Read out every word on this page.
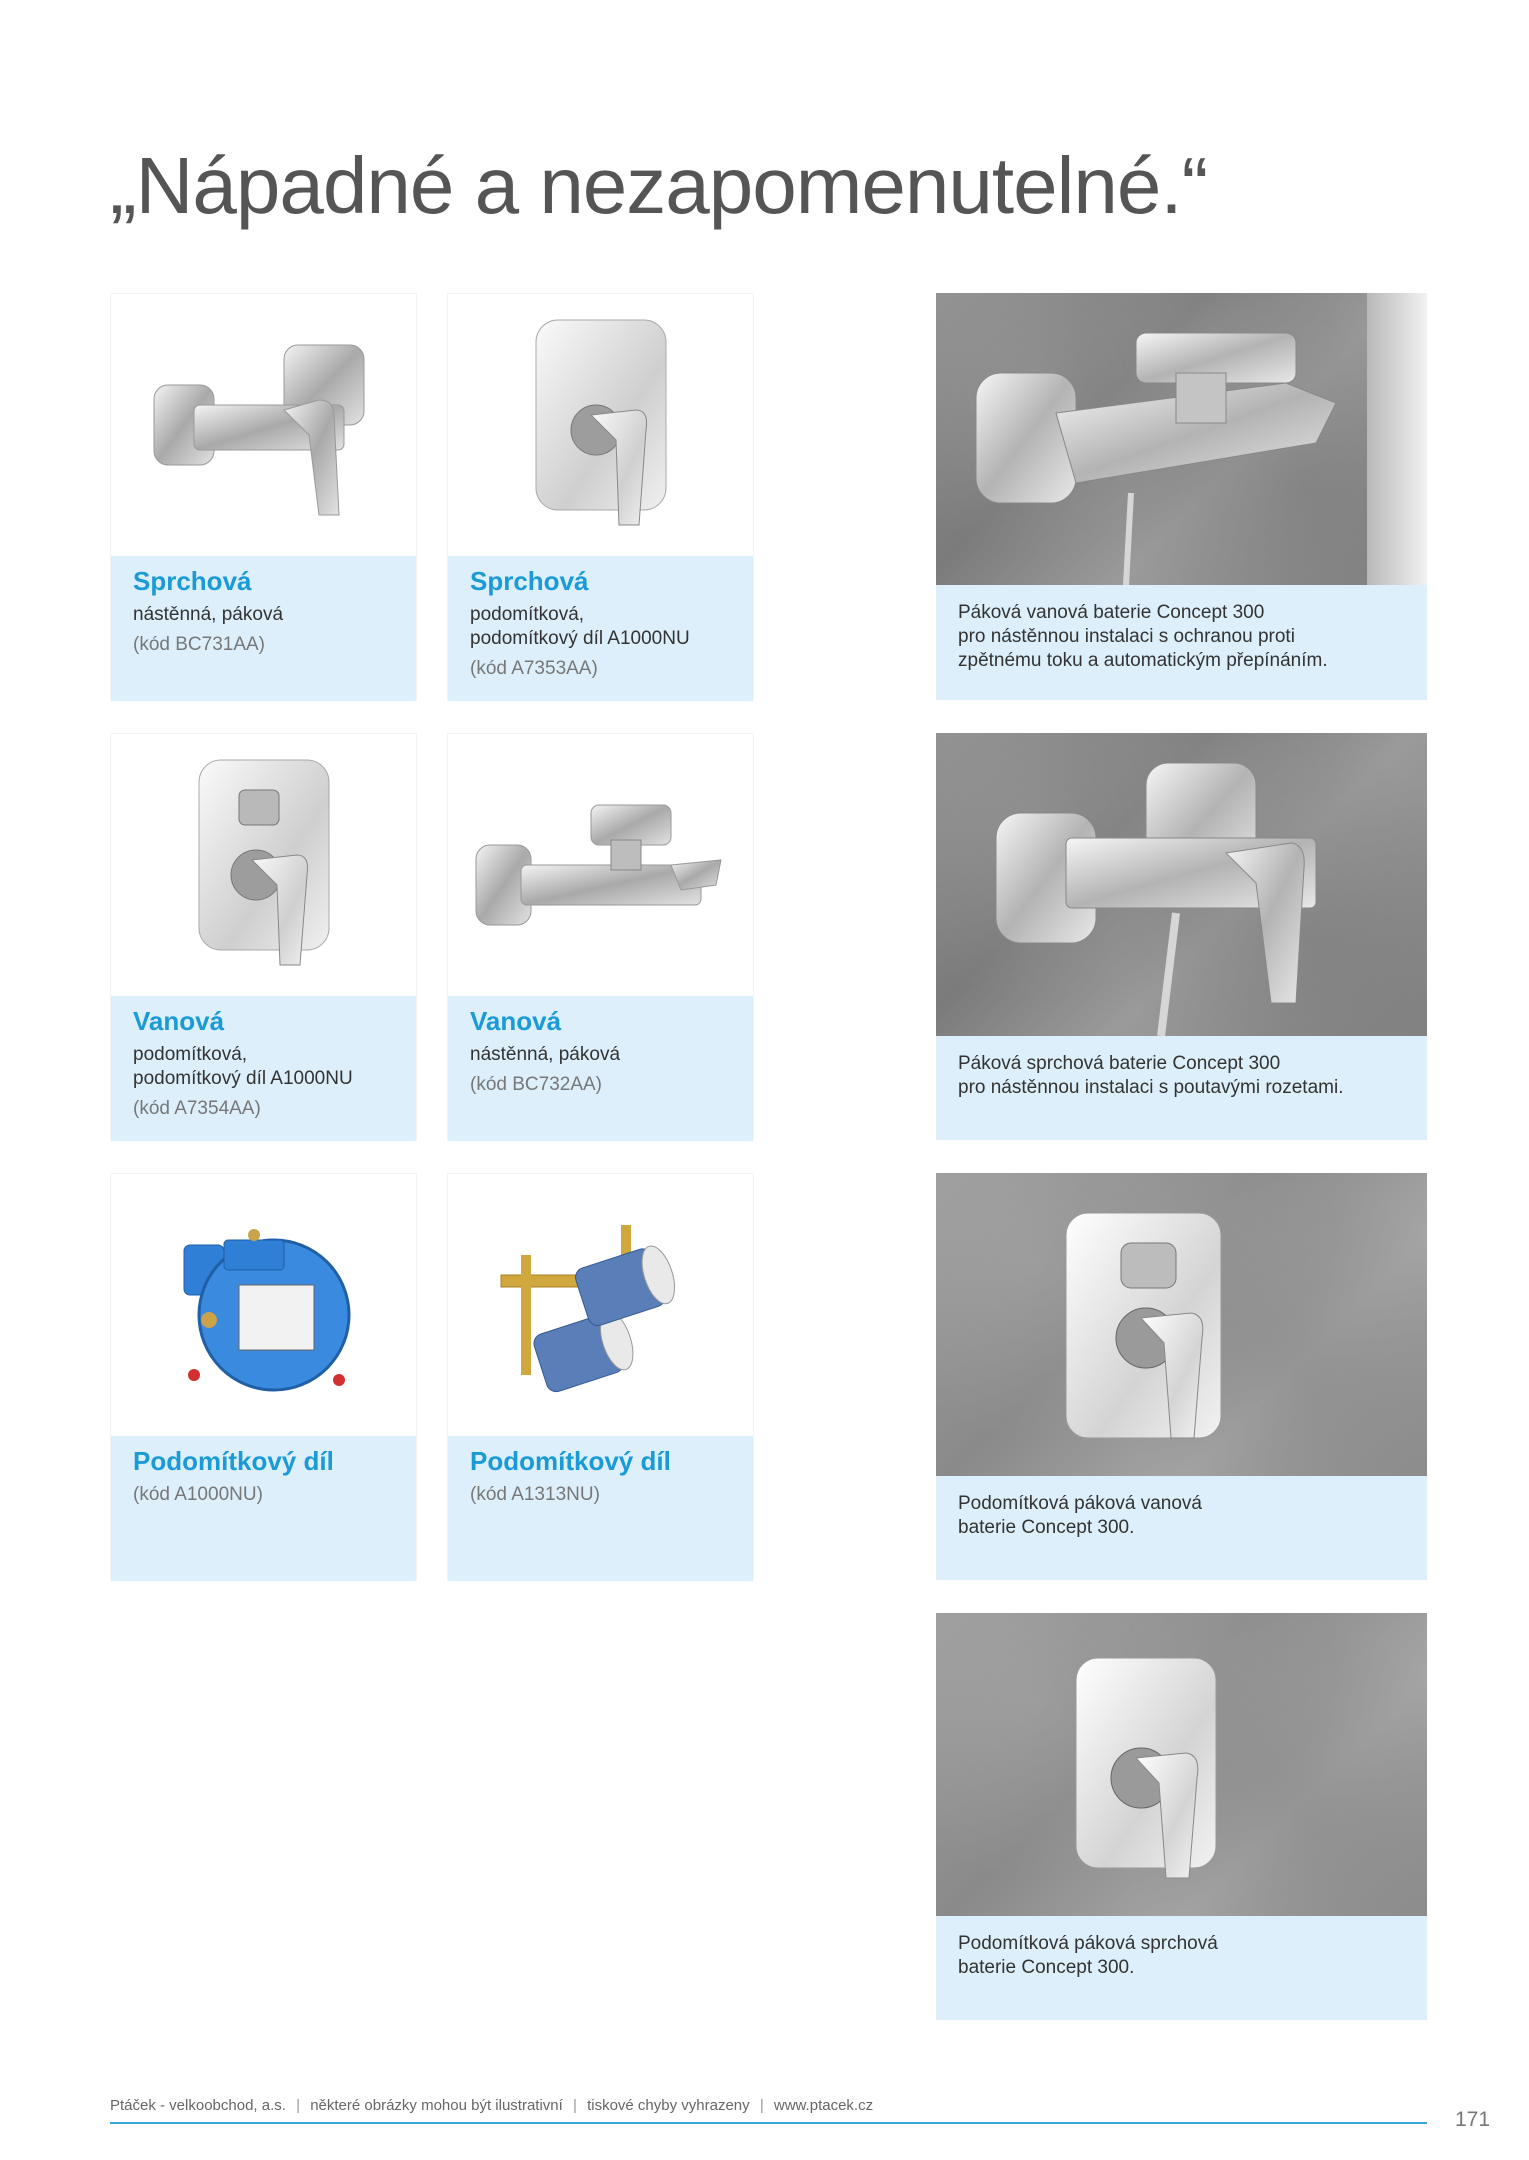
„Nápadné a nezapomenutelné.“
Sprchová
nástěnná, páková
(kód BC731AA)
Sprchová
podomítková,
podomítkový díl A1000NU
(kód A7353AA)
Vanová
podomítková,
podomítkový díl A1000NU
(kód A7354AA)
Vanová
nástěnná, páková
(kód BC732AA)
Podomítkový díl
(kód A1000NU)
Podomítkový díl
(kód A1313NU)
Páková vanová baterie Concept 300
pro nástěnnou instalaci s ochranou proti
zpětnému toku a automatickým přepínáním.
Páková sprchová baterie Concept 300
pro nástěnnou instalaci s poutavými rozetami.
Podomítková páková vanová
baterie Concept 300.
Podomítková páková sprchová
baterie Concept 300.
Ptáček - velkoobchod, a.s. | některé obrázky mohou být ilustrativní | tiskové chyby vyhrazeny | www.ptacek.cz
171
